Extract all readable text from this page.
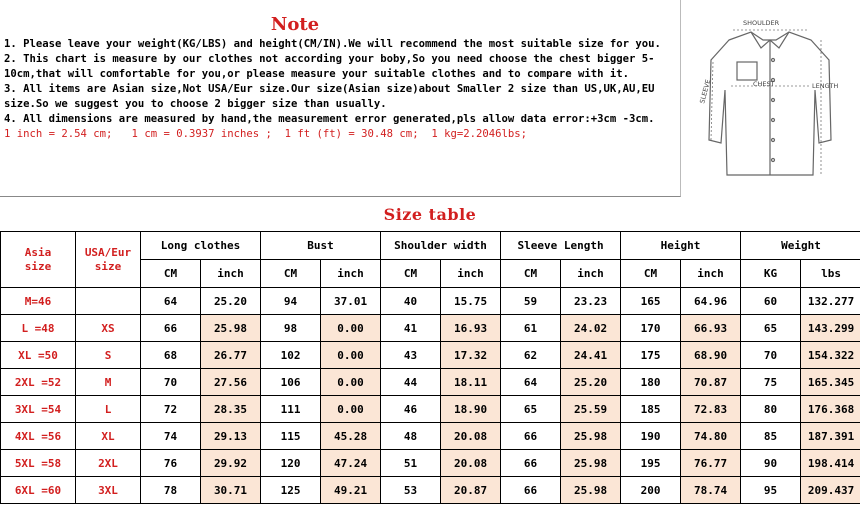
Note
1. Please leave your weight(KG/LBS) and height(CM/IN).We will recommend the most suitable size for you.
2. This chart is measure by our clothes not according your boby,So you need choose the chest bigger 5-10cm,that will comfortable for you,or please measure your suitable clothes and to compare with it.
3. All items are Asian size,Not USA/Eur size.Our size(Asian size)about Smaller 2 size than US,UK,AU,EU size.So we suggest you to choose 2 bigger size than usually.
4. All dimensions are measured by hand,the measurement error generated,pls allow data error:+3cm -3cm.
1 inch = 2.54 cm;   1 cm = 0.3937 inches ;  1 ft (ft) = 30.48 cm;  1 kg=2.2046lbs;
SHOULDER
CHEST	LENGTH
SLEEVE
Size table
Asia
size	USA/Eur
size	Long clothes		Bust		Shoulder width		Sleeve Length		Height		Weight	
		CM	inch	CM	inch	CM	inch	CM	inch	CM	inch	KG	lbs
M=46		64	25.20	94	37.01	40	15.75	59	23.23	165	64.96	60	132.277
L =48	XS	66	25.98	98	0.00	41	16.93	61	24.02	170	66.93	65	143.299
XL =50	S	68	26.77	102	0.00	43	17.32	62	24.41	175	68.90	70	154.322
2XL =52	M	70	27.56	106	0.00	44	18.11	64	25.20	180	70.87	75	165.345
3XL =54	L	72	28.35	111	0.00	46	18.90	65	25.59	185	72.83	80	176.368
4XL =56	XL	74	29.13	115	45.28	48	20.08	66	25.98	190	74.80	85	187.391
5XL =58	2XL	76	29.92	120	47.24	51	20.08	66	25.98	195	76.77	90	198.414
6XL =60	3XL	78	30.71	125	49.21	53	20.87	66	25.98	200	78.74	95	209.437
